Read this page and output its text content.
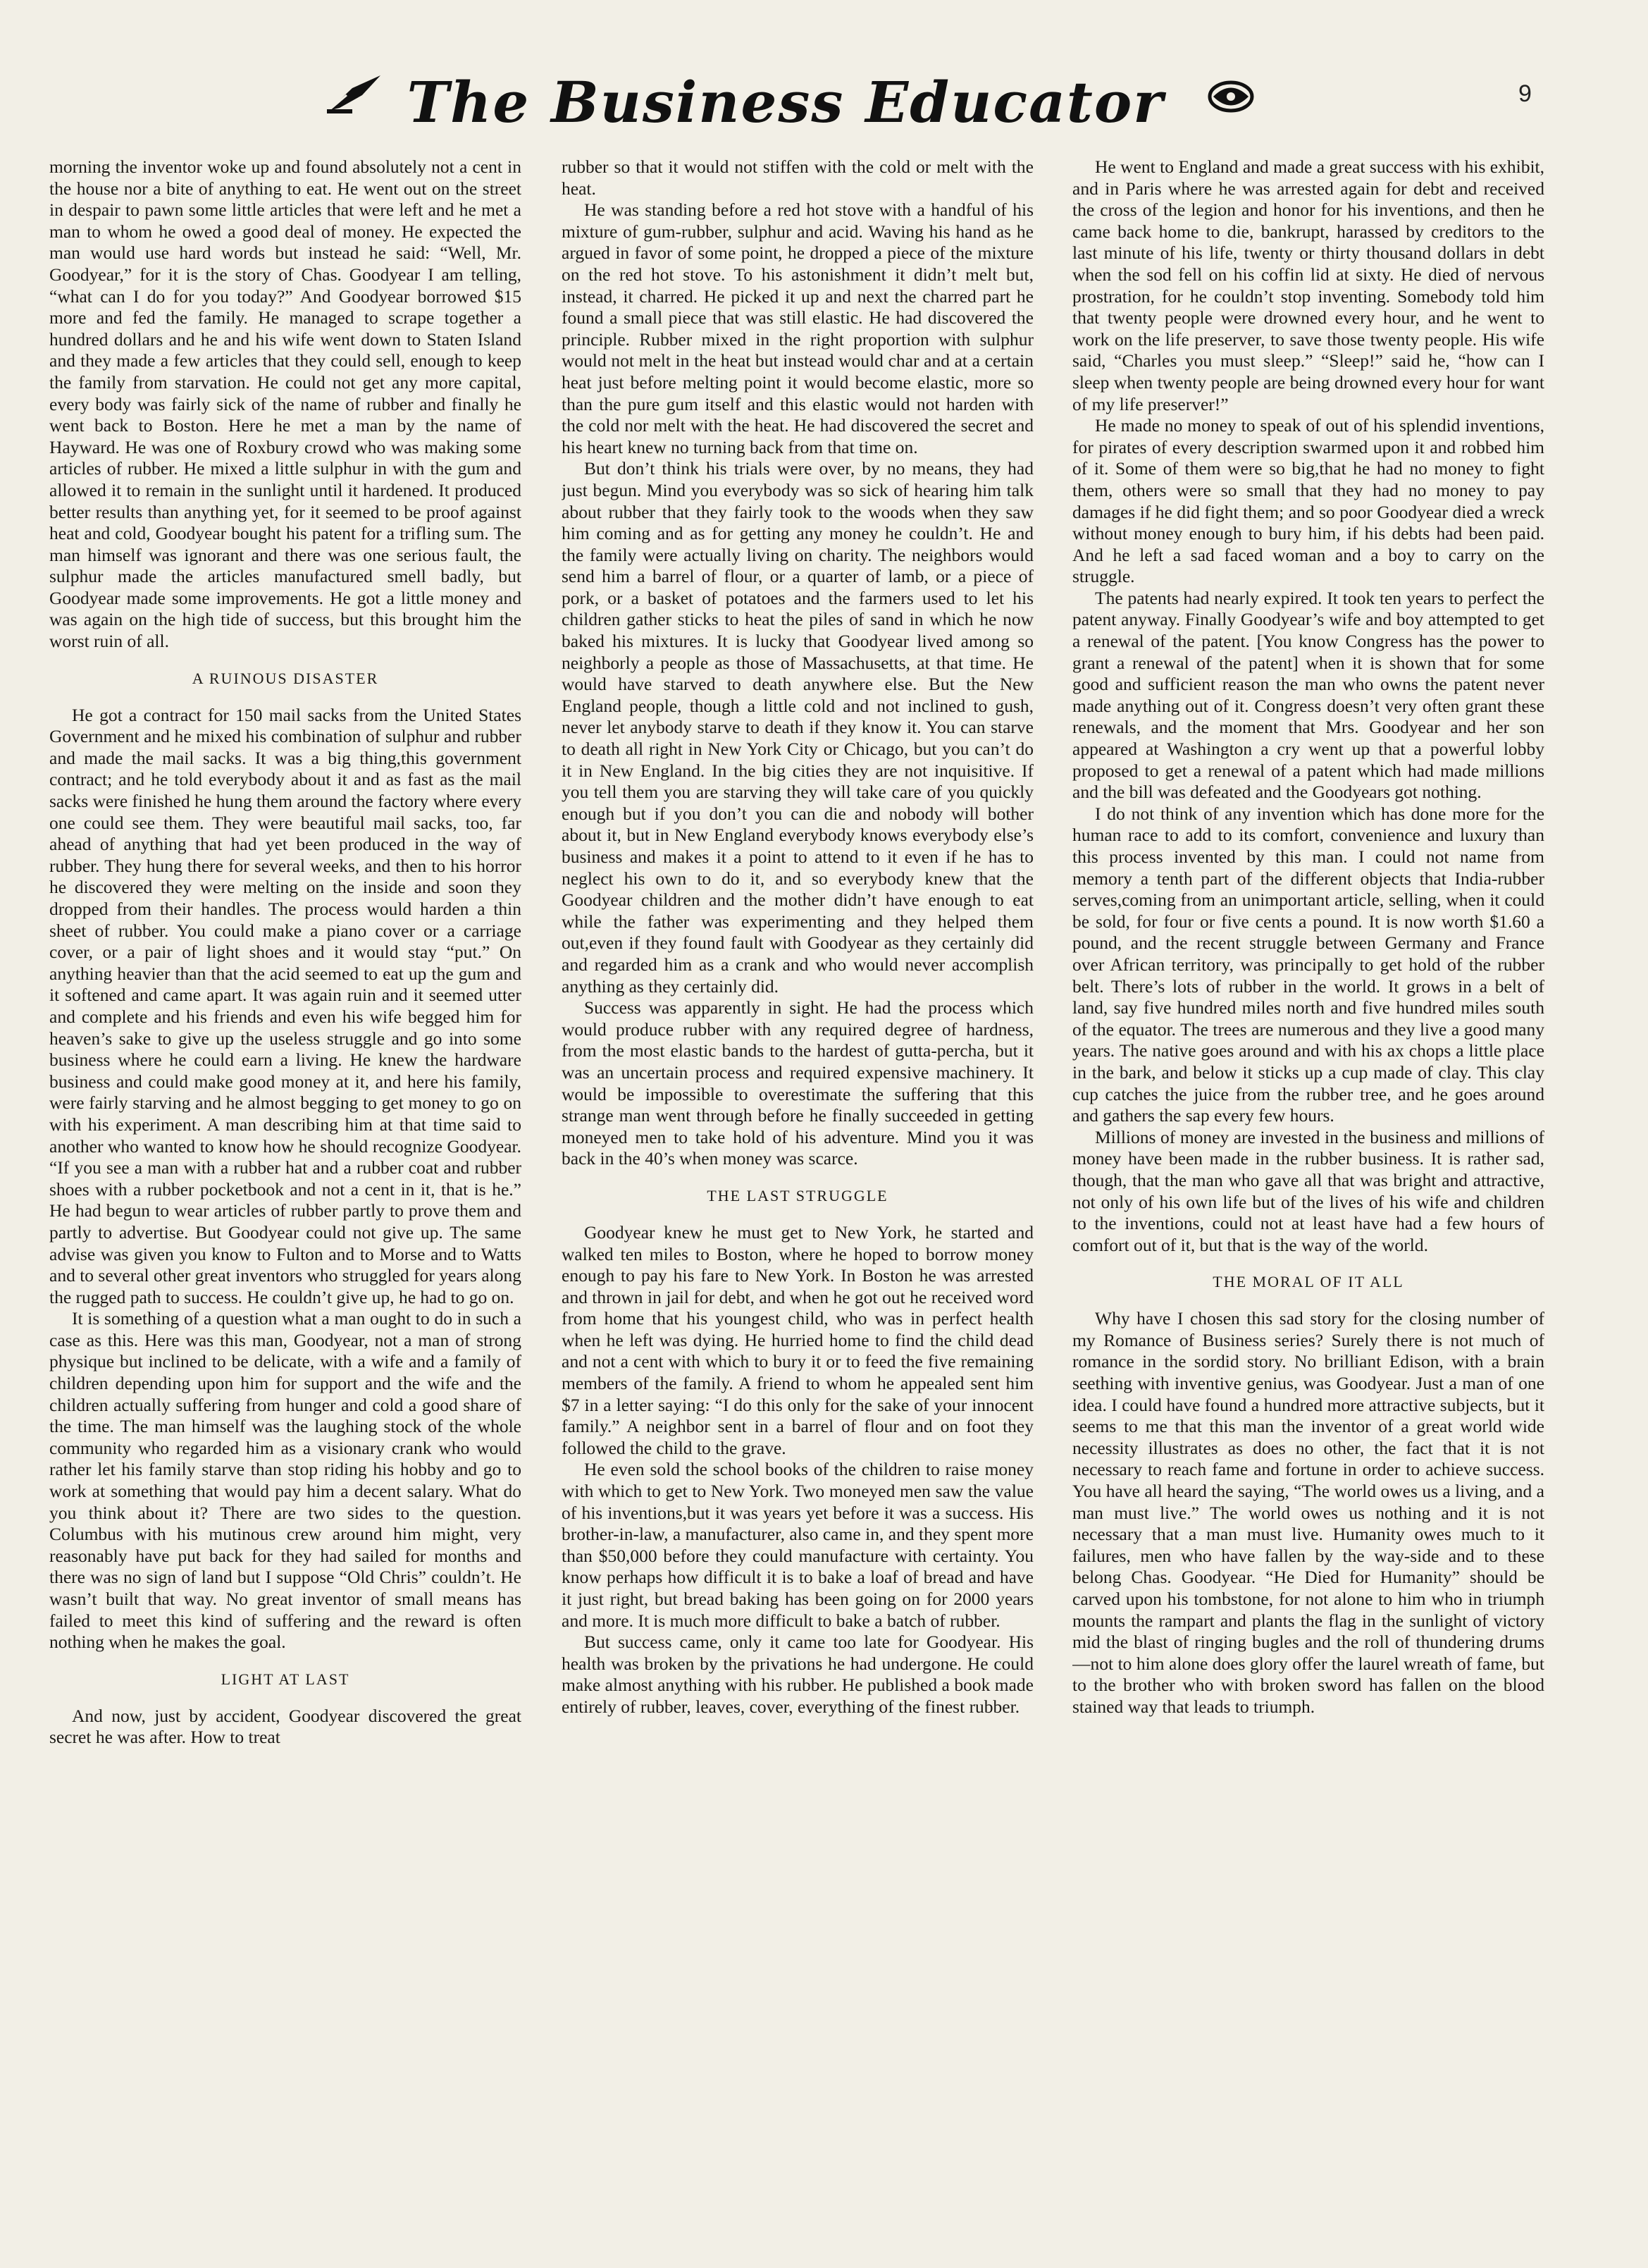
The Business Educator	9

morning the inventor woke up and found absolutely not a cent in the house nor a bite of anything to eat. He went out on the street in despair to pawn some little articles that were left and he met a man to whom he owed a good deal of money. He expected the man would use hard words but instead he said: “Well, Mr. Goodyear,” for it is the story of Chas. Goodyear I am telling, “what can I do for you today?” And Goodyear borrowed $15 more and fed the family. He managed to scrape together a hundred dollars and he and his wife went down to Staten Island and they made a few articles that they could sell, enough to keep the family from starvation. He could not get any more capital, every body was fairly sick of the name of rubber and finally he went back to Boston. Here he met a man by the name of Hayward. He was one of Roxbury crowd who was making some articles of rubber. He mixed a little sulphur in with the gum and allowed it to remain in the sunlight until it hardened. It produced better results than anything yet, for it seemed to be proof against heat and cold, Goodyear bought his patent for a trifling sum. The man himself was ignorant and there was one serious fault, the sulphur made the articles manufactured smell badly, but Goodyear made some improvements. He got a little money and was again on the high tide of success, but this brought him the worst ruin of all.

A RUINOUS DISASTER

He got a contract for 150 mail sacks from the United States Government and he mixed his combination of sulphur and rubber and made the mail sacks. It was a big thing,this government contract; and he told everybody about it and as fast as the mail sacks were finished he hung them around the factory where every one could see them. They were beautiful mail sacks, too, far ahead of anything that had yet been produced in the way of rubber. They hung there for several weeks, and then to his horror he discovered they were melting on the inside and soon they dropped from their handles. The process would harden a thin sheet of rubber. You could make a piano cover or a carriage cover, or a pair of light shoes and it would stay “put.” On anything heavier than that the acid seemed to eat up the gum and it softened and came apart. It was again ruin and it seemed utter and complete and his friends and even his wife begged him for heaven’s sake to give up the useless struggle and go into some business where he could earn a living. He knew the hardware business and could make good money at it, and here his family, were fairly starving and he almost begging to get money to go on with his experiment. A man describing him at that time said to another who wanted to know how he should recognize Goodyear. “If you see a man with a rubber hat and a rubber coat and rubber shoes with a rubber pocketbook and not a cent in it, that is he.” He had begun to wear articles of rubber partly to prove them and partly to advertise. But Goodyear could not give up. The same advise was given you know to Fulton and to Morse and to Watts and to several other great inventors who struggled for years along the rugged path to success. He couldn’t give up, he had to go on.

It is something of a question what a man ought to do in such a case as this. Here was this man, Goodyear, not a man of strong physique but inclined to be delicate, with a wife and a family of children depending upon him for support and the wife and the children actually suffering from hunger and cold a good share of the time. The man himself was the laughing stock of the whole community who regarded him as a visionary crank who would rather let his family starve than stop riding his hobby and go to work at something that would pay him a decent salary. What do you think about it? There are two sides to the question. Columbus with his mutinous crew around him might, very reasonably have put back for they had sailed for months and there was no sign of land but I suppose “Old Chris” couldn’t. He wasn’t built that way. No great inventor of small means has failed to meet this kind of suffering and the reward is often nothing when he makes the goal.

LIGHT AT LAST

And now, just by accident, Goodyear discovered the great secret he was after. How to treat

rubber so that it would not stiffen with the cold or melt with the heat.

He was standing before a red hot stove with a handful of his mixture of gum-rubber, sulphur and acid. Waving his hand as he argued in favor of some point, he dropped a piece of the mixture on the red hot stove. To his astonishment it didn’t melt but, instead, it charred. He picked it up and next the charred part he found a small piece that was still elastic. He had discovered the principle. Rubber mixed in the right proportion with sulphur would not melt in the heat but instead would char and at a certain heat just before melting point it would become elastic, more so than the pure gum itself and this elastic would not harden with the cold nor melt with the heat. He had discovered the secret and his heart knew no turning back from that time on.

But don’t think his trials were over, by no means, they had just begun. Mind you everybody was so sick of hearing him talk about rubber that they fairly took to the woods when they saw him coming and as for getting any money he couldn’t. He and the family were actually living on charity. The neighbors would send him a barrel of flour, or a quarter of lamb, or a piece of pork, or a basket of potatoes and the farmers used to let his children gather sticks to heat the piles of sand in which he now baked his mixtures. It is lucky that Goodyear lived among so neighborly a people as those of Massachusetts, at that time. He would have starved to death anywhere else. But the New England people, though a little cold and not inclined to gush, never let anybody starve to death if they know it. You can starve to death all right in New York City or Chicago, but you can’t do it in New England. In the big cities they are not inquisitive. If you tell them you are starving they will take care of you quickly enough but if you don’t you can die and nobody will bother about it, but in New England everybody knows everybody else’s business and makes it a point to attend to it even if he has to neglect his own to do it, and so everybody knew that the Goodyear children and the mother didn’t have enough to eat while the father was experimenting and they helped them out,even if they found fault with Goodyear as they certainly did and regarded him as a crank and who would never accomplish anything as they certainly did.

Success was apparently in sight. He had the process which would produce rubber with any required degree of hardness, from the most elastic bands to the hardest of gutta-percha, but it was an uncertain process and required expensive machinery. It would be impossible to overestimate the suffering that this strange man went through before he finally succeeded in getting moneyed men to take hold of his adventure. Mind you it was back in the 40’s when money was scarce.

THE LAST STRUGGLE

Goodyear knew he must get to New York, he started and walked ten miles to Boston, where he hoped to borrow money enough to pay his fare to New York. In Boston he was arrested and thrown in jail for debt, and when he got out he received word from home that his youngest child, who was in perfect health when he left was dying. He hurried home to find the child dead and not a cent with which to bury it or to feed the five remaining members of the family. A friend to whom he appealed sent him $7 in a letter saying: “I do this only for the sake of your innocent family.” A neighbor sent in a barrel of flour and on foot they followed the child to the grave.

He even sold the school books of the children to raise money with which to get to New York. Two moneyed men saw the value of his inventions,but it was years yet before it was a success. His brother-in-law, a manufacturer, also came in, and they spent more than $50,000 before they could manufacture with certainty. You know perhaps how difficult it is to bake a loaf of bread and have it just right, but bread baking has been going on for 2000 years and more. It is much more difficult to bake a batch of rubber.

But success came, only it came too late for Goodyear. His health was broken by the privations he had undergone. He could make almost anything with his rubber. He published a book made entirely of rubber, leaves, cover, everything of the finest rubber.

He went to England and made a great success with his exhibit, and in Paris where he was arrested again for debt and received the cross of the legion and honor for his inventions, and then he came back home to die, bankrupt, harassed by creditors to the last minute of his life, twenty or thirty thousand dollars in debt when the sod fell on his coffin lid at sixty. He died of nervous prostration, for he couldn’t stop inventing. Somebody told him that twenty people were drowned every hour, and he went to work on the life preserver, to save those twenty people. His wife said, “Charles you must sleep.” “Sleep!” said he, “how can I sleep when twenty people are being drowned every hour for want of my life preserver!”

He made no money to speak of out of his splendid inventions, for pirates of every description swarmed upon it and robbed him of it. Some of them were so big,that he had no money to fight them, others were so small that they had no money to pay damages if he did fight them; and so poor Goodyear died a wreck without money enough to bury him, if his debts had been paid. And he left a sad faced woman and a boy to carry on the struggle.

The patents had nearly expired. It took ten years to perfect the patent anyway. Finally Goodyear’s wife and boy attempted to get a renewal of the patent. [You know Congress has the power to grant a renewal of the patent] when it is shown that for some good and sufficient reason the man who owns the patent never made anything out of it. Congress doesn’t very often grant these renewals, and the moment that Mrs. Goodyear and her son appeared at Washington a cry went up that a powerful lobby proposed to get a renewal of a patent which had made millions and the bill was defeated and the Goodyears got nothing.

I do not think of any invention which has done more for the human race to add to its comfort, convenience and luxury than this process invented by this man. I could not name from memory a tenth part of the different objects that India-rubber serves,coming from an unimportant article, selling, when it could be sold, for four or five cents a pound. It is now worth $1.60 a pound, and the recent struggle between Germany and France over African territory, was principally to get hold of the rubber belt. There’s lots of rubber in the world. It grows in a belt of land, say five hundred miles north and five hundred miles south of the equator. The trees are numerous and they live a good many years. The native goes around and with his ax chops a little place in the bark, and below it sticks up a cup made of clay. This clay cup catches the juice from the rubber tree, and he goes around and gathers the sap every few hours.

Millions of money are invested in the business and millions of money have been made in the rubber business. It is rather sad, though, that the man who gave all that was bright and attractive, not only of his own life but of the lives of his wife and children to the inventions, could not at least have had a few hours of comfort out of it, but that is the way of the world.

THE MORAL OF IT ALL

Why have I chosen this sad story for the closing number of my Romance of Business series? Surely there is not much of romance in the sordid story. No brilliant Edison, with a brain seething with inventive genius, was Goodyear. Just a man of one idea. I could have found a hundred more attractive subjects, but it seems to me that this man the inventor of a great world wide necessity illustrates as does no other, the fact that it is not necessary to reach fame and fortune in order to achieve success. You have all heard the saying, “The world owes us a living, and a man must live.” The world owes us nothing and it is not necessary that a man must live. Humanity owes much to it failures, men who have fallen by the way-side and to these belong Chas. Goodyear. “He Died for Humanity” should be carved upon his tombstone, for not alone to him who in triumph mounts the rampart and plants the flag in the sunlight of victory mid the blast of ringing bugles and the roll of thundering drums—not to him alone does glory offer the laurel wreath of fame, but to the brother who with broken sword has fallen on the blood stained way that leads to triumph.
